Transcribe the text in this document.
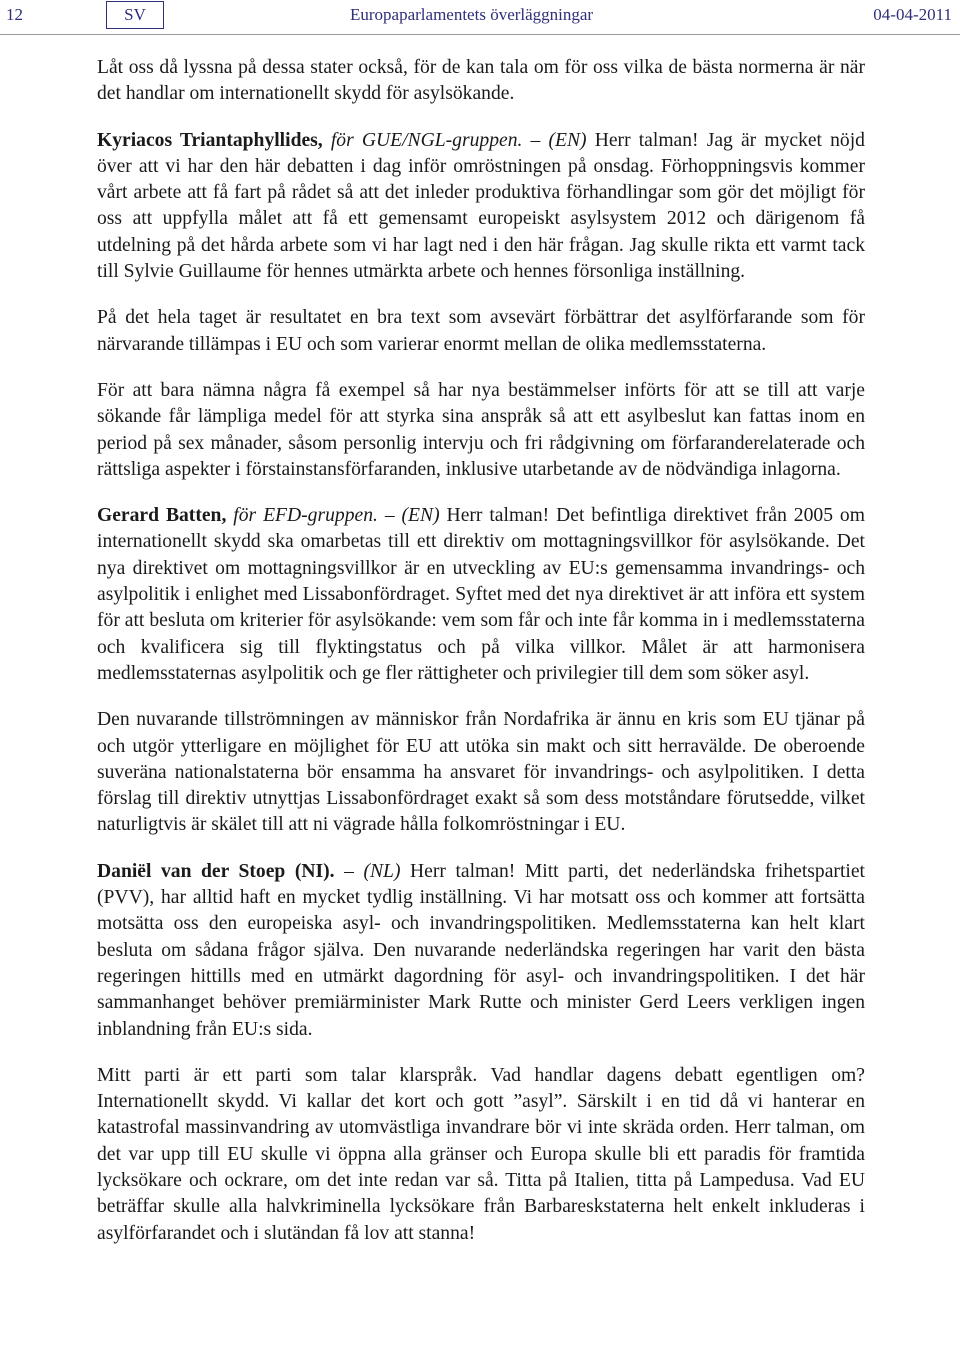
12	SV	Europaparlamentets överläggningar	04-04-2011

Låt oss då lyssna på dessa stater också, för de kan tala om för oss vilka de bästa normerna är när det handlar om internationellt skydd för asylsökande.

Kyriacos Triantaphyllides, för GUE/NGL-gruppen. – (EN) Herr talman! Jag är mycket nöjd över att vi har den här debatten i dag inför omröstningen på onsdag. Förhoppningsvis kommer vårt arbete att få fart på rådet så att det inleder produktiva förhandlingar som gör det möjligt för oss att uppfylla målet att få ett gemensamt europeiskt asylsystem 2012 och därigenom få utdelning på det hårda arbete som vi har lagt ned i den här frågan. Jag skulle rikta ett varmt tack till Sylvie Guillaume för hennes utmärkta arbete och hennes försonliga inställning.

På det hela taget är resultatet en bra text som avsevärt förbättrar det asylförfarande som för närvarande tillämpas i EU och som varierar enormt mellan de olika medlemsstaterna.

För att bara nämna några få exempel så har nya bestämmelser införts för att se till att varje sökande får lämpliga medel för att styrka sina anspråk så att ett asylbeslut kan fattas inom en period på sex månader, såsom personlig intervju och fri rådgivning om förfaranderelaterade och rättsliga aspekter i förstainstansförfaranden, inklusive utarbetande av de nödvändiga inlagorna.

Gerard Batten, för EFD-gruppen. – (EN) Herr talman! Det befintliga direktivet från 2005 om internationellt skydd ska omarbetas till ett direktiv om mottagningsvillkor för asylsökande. Det nya direktivet om mottagningsvillkor är en utveckling av EU:s gemensamma invandrings- och asylpolitik i enlighet med Lissabonfördraget. Syftet med det nya direktivet är att införa ett system för att besluta om kriterier för asylsökande: vem som får och inte får komma in i medlemsstaterna och kvalificera sig till flyktingstatus och på vilka villkor. Målet är att harmonisera medlemsstaternas asylpolitik och ge fler rättigheter och privilegier till dem som söker asyl.

Den nuvarande tillströmningen av människor från Nordafrika är ännu en kris som EU tjänar på och utgör ytterligare en möjlighet för EU att utöka sin makt och sitt herravälde. De oberoende suveräna nationalstaterna bör ensamma ha ansvaret för invandrings- och asylpolitiken. I detta förslag till direktiv utnyttjas Lissabonfördraget exakt så som dess motståndare förutsedde, vilket naturligtvis är skälet till att ni vägrade hålla folkomröstningar i EU.

Daniël van der Stoep (NI). – (NL) Herr talman! Mitt parti, det nederländska frihetspartiet (PVV), har alltid haft en mycket tydlig inställning. Vi har motsatt oss och kommer att fortsätta motsätta oss den europeiska asyl- och invandringspolitiken. Medlemsstaterna kan helt klart besluta om sådana frågor själva. Den nuvarande nederländska regeringen har varit den bästa regeringen hittills med en utmärkt dagordning för asyl- och invandringspolitiken. I det här sammanhanget behöver premiärminister Mark Rutte och minister Gerd Leers verkligen ingen inblandning från EU:s sida.

Mitt parti är ett parti som talar klarspråk. Vad handlar dagens debatt egentligen om? Internationellt skydd. Vi kallar det kort och gott ”asyl”. Särskilt i en tid då vi hanterar en katastrofal massinvandring av utomvästliga invandrare bör vi inte skräda orden. Herr talman, om det var upp till EU skulle vi öppna alla gränser och Europa skulle bli ett paradis för framtida lycksökare och ockrare, om det inte redan var så. Titta på Italien, titta på Lampedusa. Vad EU beträffar skulle alla halvkriminella lycksökare från Barbareskstaterna helt enkelt inkluderas i asylförfarandet och i slutändan få lov att stanna!
